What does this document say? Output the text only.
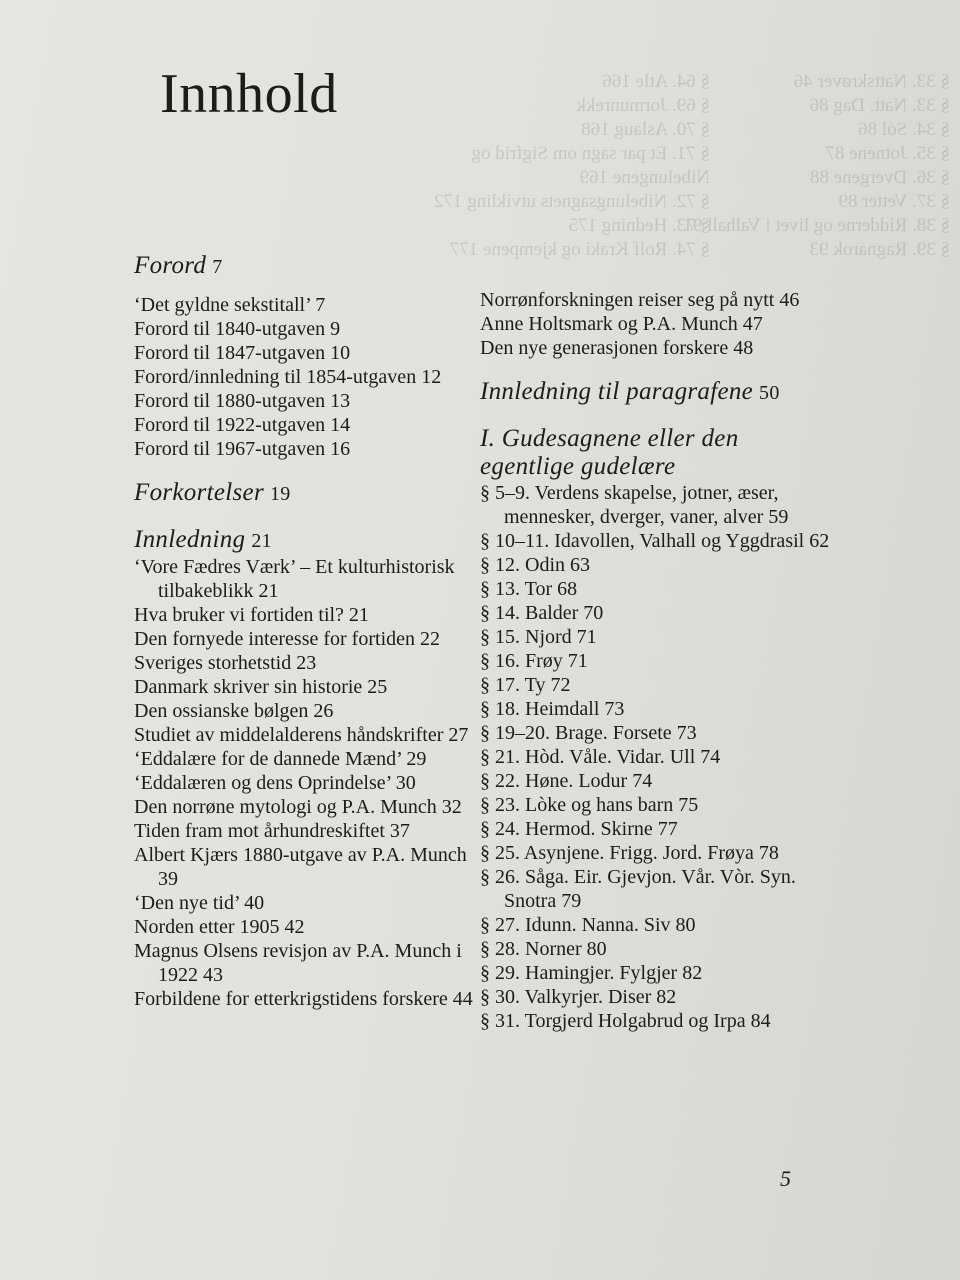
§ 64. Atle 166
§ 69. Jormunrekk
§ 70. Aslaug 168
§ 71. Et par sagn om Sigfrid og
Nibelungene 169
§ 72. Nibelungsagnets utvikling 172
§ 73. Hedning 175
§ 74. Rolf Kraki og kjempene 177
§ 33. Nattskrøver 46
§ 33. Natt. Dag 86
§ 34. Sól 86
§ 35. Jotnene 87
§ 36. Dvergene 88
§ 37. Vetter 89
§ 38. Ridderne og livet i Valhall 91
§ 39. Ragnarok 93
Innhold
Forord 7

‘Det gyldne sekstitall’ 7

Forord til 1840-utgaven 9

Forord til 1847-utgaven 10

Forord/innledning til 1854-utgaven 12

Forord til 1880-utgaven 13

Forord til 1922-utgaven 14

Forord til 1967-utgaven 16

Forkortelser 19
Innledning 21

‘Vore Fædres Værk’ – Et kulturhistorisk tilbakeblikk 21

Hva bruker vi fortiden til? 21

Den fornyede interesse for fortiden 22

Sveriges storhetstid 23

Danmark skriver sin historie 25

Den ossianske bølgen 26

Studiet av middelalderens håndskrifter 27

‘Eddalære for de dannede Mænd’ 29

‘Eddalæren og dens Oprindelse’ 30

Den norrøne mytologi og P.A. Munch 32

Tiden fram mot århundreskiftet 37

Albert Kjærs 1880-utgave av P.A. Munch 39

‘Den nye tid’ 40

Norden etter 1905 42

Magnus Olsens revisjon av P.A. Munch i 1922 43

Forbildene for etterkrigstidens forskere 44

Norrønforskningen reiser seg på nytt 46

Anne Holtsmark og P.A. Munch 47

Den nye generasjonen forskere 48

Innledning til paragrafene 50
I. Gudesagnene eller den egentlige gudelære

§ 5–9. Verdens skapelse, jotner, æser, mennesker, dverger, vaner, alver 59

§ 10–11. Idavollen, Valhall og Yggdrasil 62

§ 12. Odin 63

§ 13. Tor 68

§ 14. Balder 70

§ 15. Njord 71

§ 16. Frøy 71

§ 17. Ty 72

§ 18. Heimdall 73

§ 19–20. Brage. Forsete 73

§ 21. Hòd. Våle. Vidar. Ull 74

§ 22. Høne. Lodur 74

§ 23. Lòke og hans barn 75

§ 24. Hermod. Skirne 77

§ 25. Asynjene. Frigg. Jord. Frøya 78

§ 26. Såga. Eir. Gjevjon. Vår. Vòr. Syn. Snotra 79

§ 27. Idunn. Nanna. Siv 80

§ 28. Norner 80

§ 29. Hamingjer. Fylgjer 82

§ 30. Valkyrjer. Diser 82

§ 31. Torgjerd Holgabrud og Irpa 84

5
